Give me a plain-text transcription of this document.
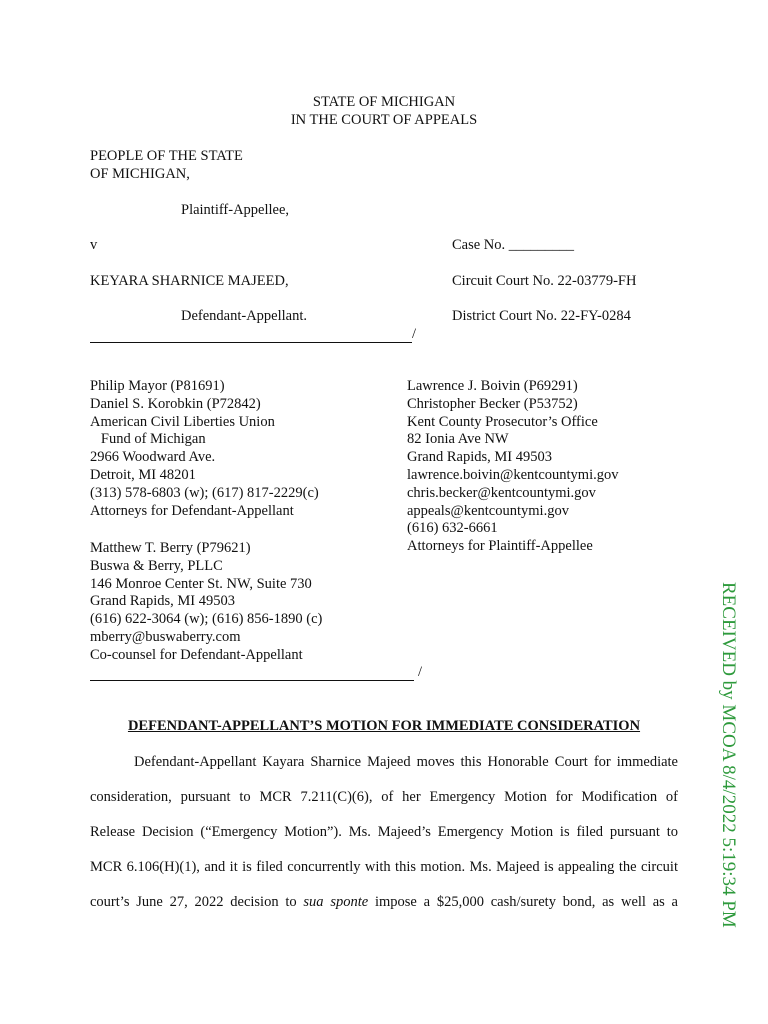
STATE OF MICHIGAN
IN THE COURT OF APPEALS
PEOPLE OF THE STATE
OF MICHIGAN,
Plaintiff-Appellee,
v	Case No. _________
KEYARA SHARNICE MAJEED,	Circuit Court No. 22-03779-FH
Defendant-Appellant.	District Court No. 22-FY-0284
/
Philip Mayor (P81691)
Daniel S. Korobkin (P72842)
American Civil Liberties Union
Fund of Michigan
2966 Woodward Ave.
Detroit, MI 48201
(313) 578-6803 (w); (617) 817-2229(c)
Attorneys for Defendant-Appellant
Lawrence J. Boivin (P69291)
Christopher Becker (P53752)
Kent County Prosecutor’s Office
82 Ionia Ave NW
Grand Rapids, MI 49503
lawrence.boivin@kentcountymi.gov
chris.becker@kentcountymi.gov
appeals@kentcountymi.gov
(616) 632-6661
Attorneys for Plaintiff-Appellee
Matthew T. Berry (P79621)
Buswa & Berry, PLLC
146 Monroe Center St. NW, Suite 730
Grand Rapids, MI 49503
(616) 622-3064 (w); (616) 856-1890 (c)
mberry@buswaberry.com
Co-counsel for Defendant-Appellant
/
DEFENDANT-APPELLANT’S MOTION FOR IMMEDIATE CONSIDERATION
Defendant-Appellant Kayara Sharnice Majeed moves this Honorable Court for immediate
consideration, pursuant to MCR 7.211(C)(6), of her Emergency Motion for Modification of
Release Decision (“Emergency Motion”). Ms. Majeed’s Emergency Motion is filed pursuant to
MCR 6.106(H)(1), and it is filed concurrently with this motion. Ms. Majeed is appealing the circuit
court’s June 27, 2022 decision to sua sponte impose a $25,000 cash/surety bond, as well as a RECEIVED by MCOA 8/4/2022 5:19:34 PM
